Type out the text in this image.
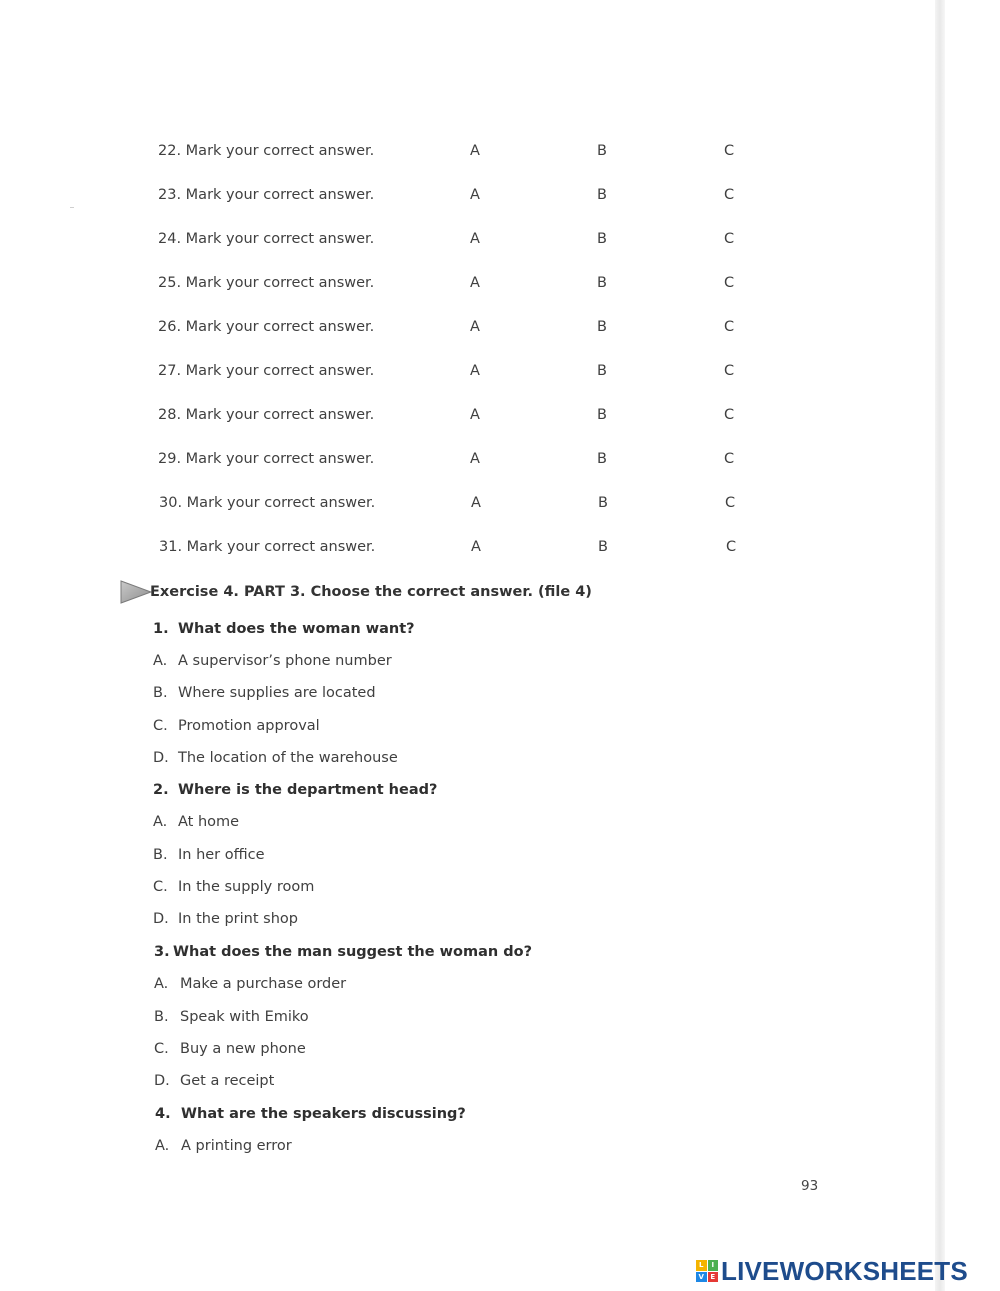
22. Mark your correct answer.	A	B	C
23. Mark your correct answer.	A	B	C
24. Mark your correct answer.	A	B	C
25. Mark your correct answer.	A	B	C
26. Mark your correct answer.	A	B	C
27. Mark your correct answer.	A	B	C
28. Mark your correct answer.	A	B	C
29. Mark your correct answer.	A	B	C
30. Mark your correct answer.	A	B	C
31. Mark your correct answer.	A	B	C
Exercise 4. PART 3. Choose the correct answer. (file 4)
1. What does the woman want?
A. A supervisor’s phone number
B. Where supplies are located
C. Promotion approval
D. The location of the warehouse
2. Where is the department head?
A. At home
B. In her office
C. In the supply room
D. In the print shop
3. What does the man suggest the woman do?
A. Make a purchase order
B. Speak with Emiko
C. Buy a new phone
D. Get a receipt
4. What are the speakers discussing?
A. A printing error
93
L	I
V E LIVEWORKSHEETS
